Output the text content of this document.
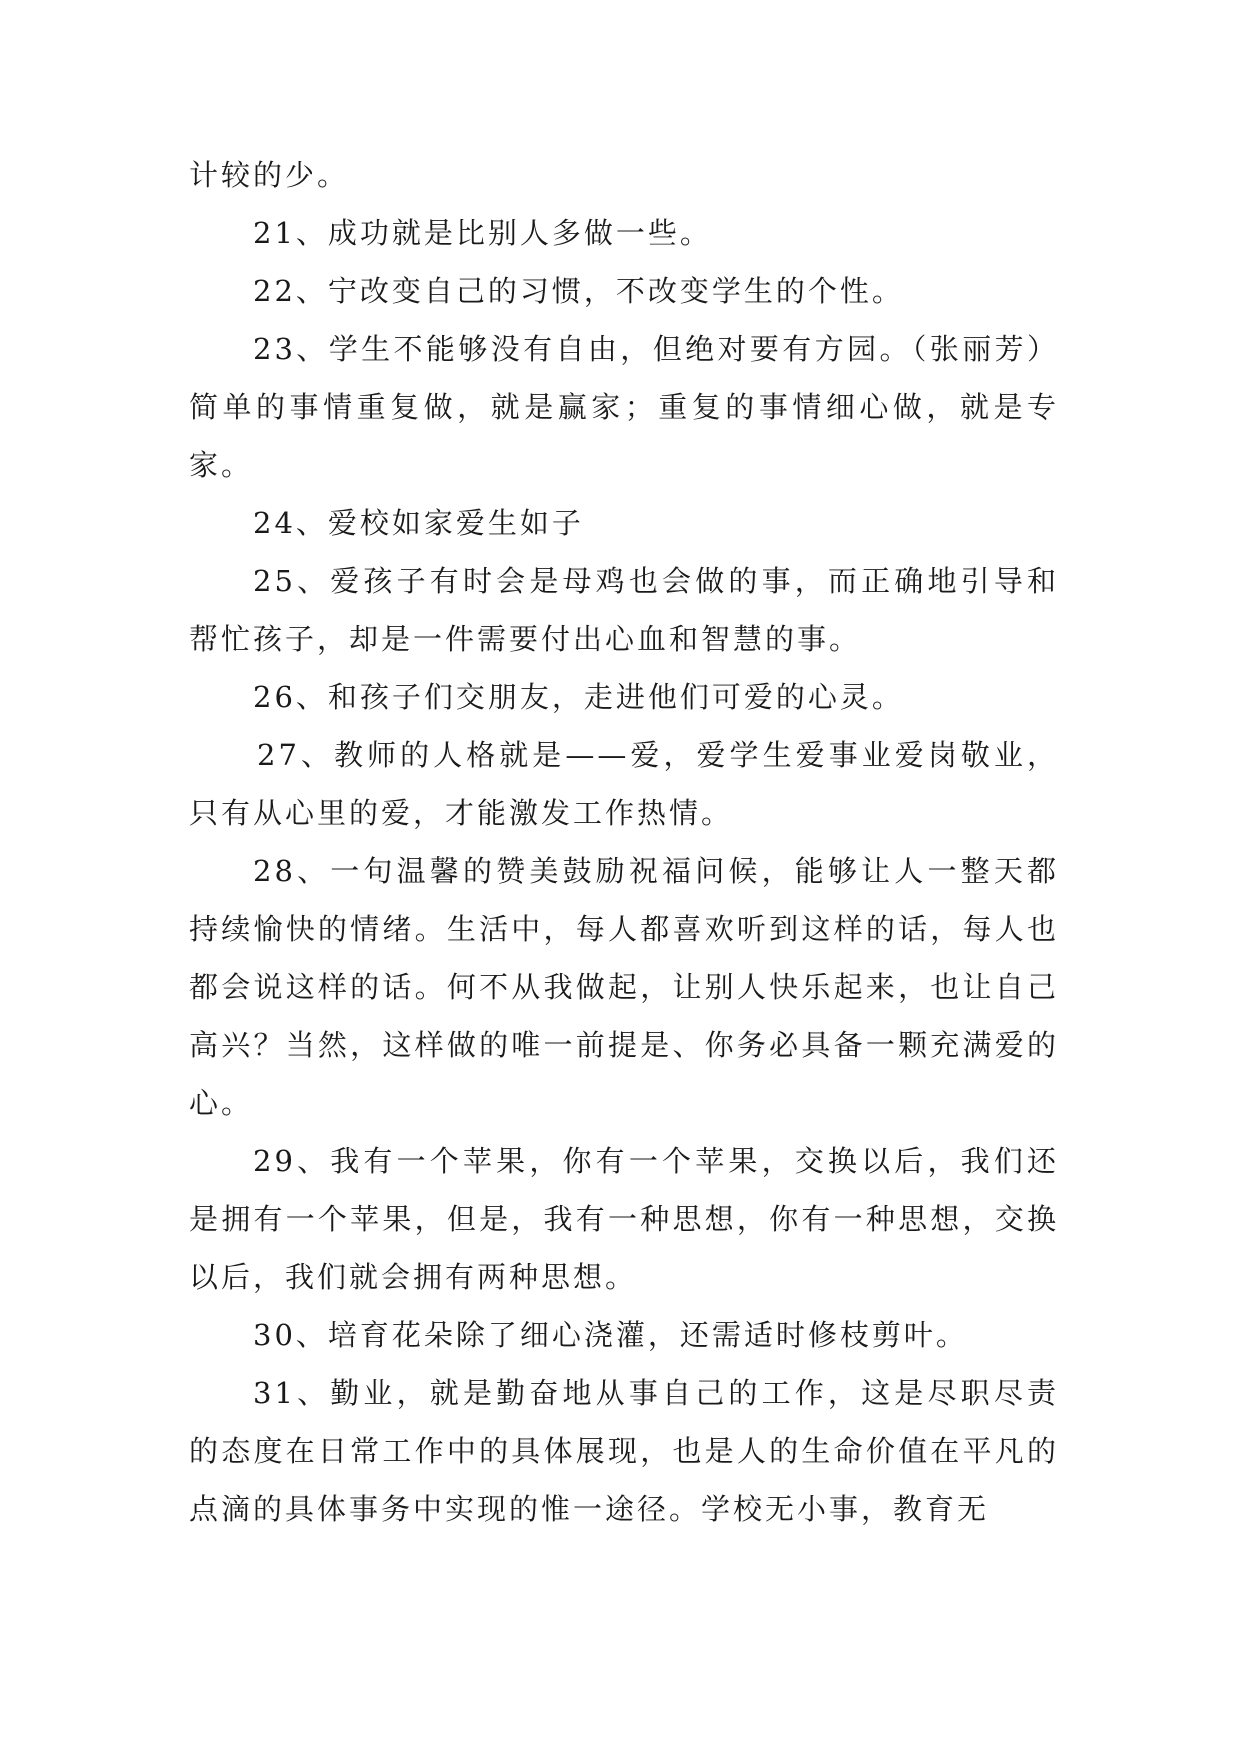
计较的少。

21、成功就是比别人多做一些。

22、宁改变自己的习惯，不改变学生的个性。

23、学生不能够没有自由，但绝对要有方园。（张丽芳）简单的事情重复做，就是赢家；重复的事情细心做，就是专家。

24、爱校如家爱生如子

25、爱孩子有时会是母鸡也会做的事，而正确地引导和帮忙孩子，却是一件需要付出心血和智慧的事。

26、和孩子们交朋友，走进他们可爱的心灵。

27、教师的人格就是——爱，爱学生爱事业爱岗敬业，只有从心里的爱，才能激发工作热情。

28、一句温馨的赞美鼓励祝福问候，能够让人一整天都持续愉快的情绪。生活中，每人都喜欢听到这样的话，每人也都会说这样的话。何不从我做起，让别人快乐起来，也让自己高兴？当然，这样做的唯一前提是、你务必具备一颗充满爱的心。

29、我有一个苹果，你有一个苹果，交换以后，我们还是拥有一个苹果，但是，我有一种思想，你有一种思想，交换以后，我们就会拥有两种思想。

30、培育花朵除了细心浇灌，还需适时修枝剪叶。

31、勤业，就是勤奋地从事自己的工作，这是尽职尽责的态度在日常工作中的具体展现，也是人的生命价值在平凡的点滴的具体事务中实现的惟一途径。学校无小事，教育无
